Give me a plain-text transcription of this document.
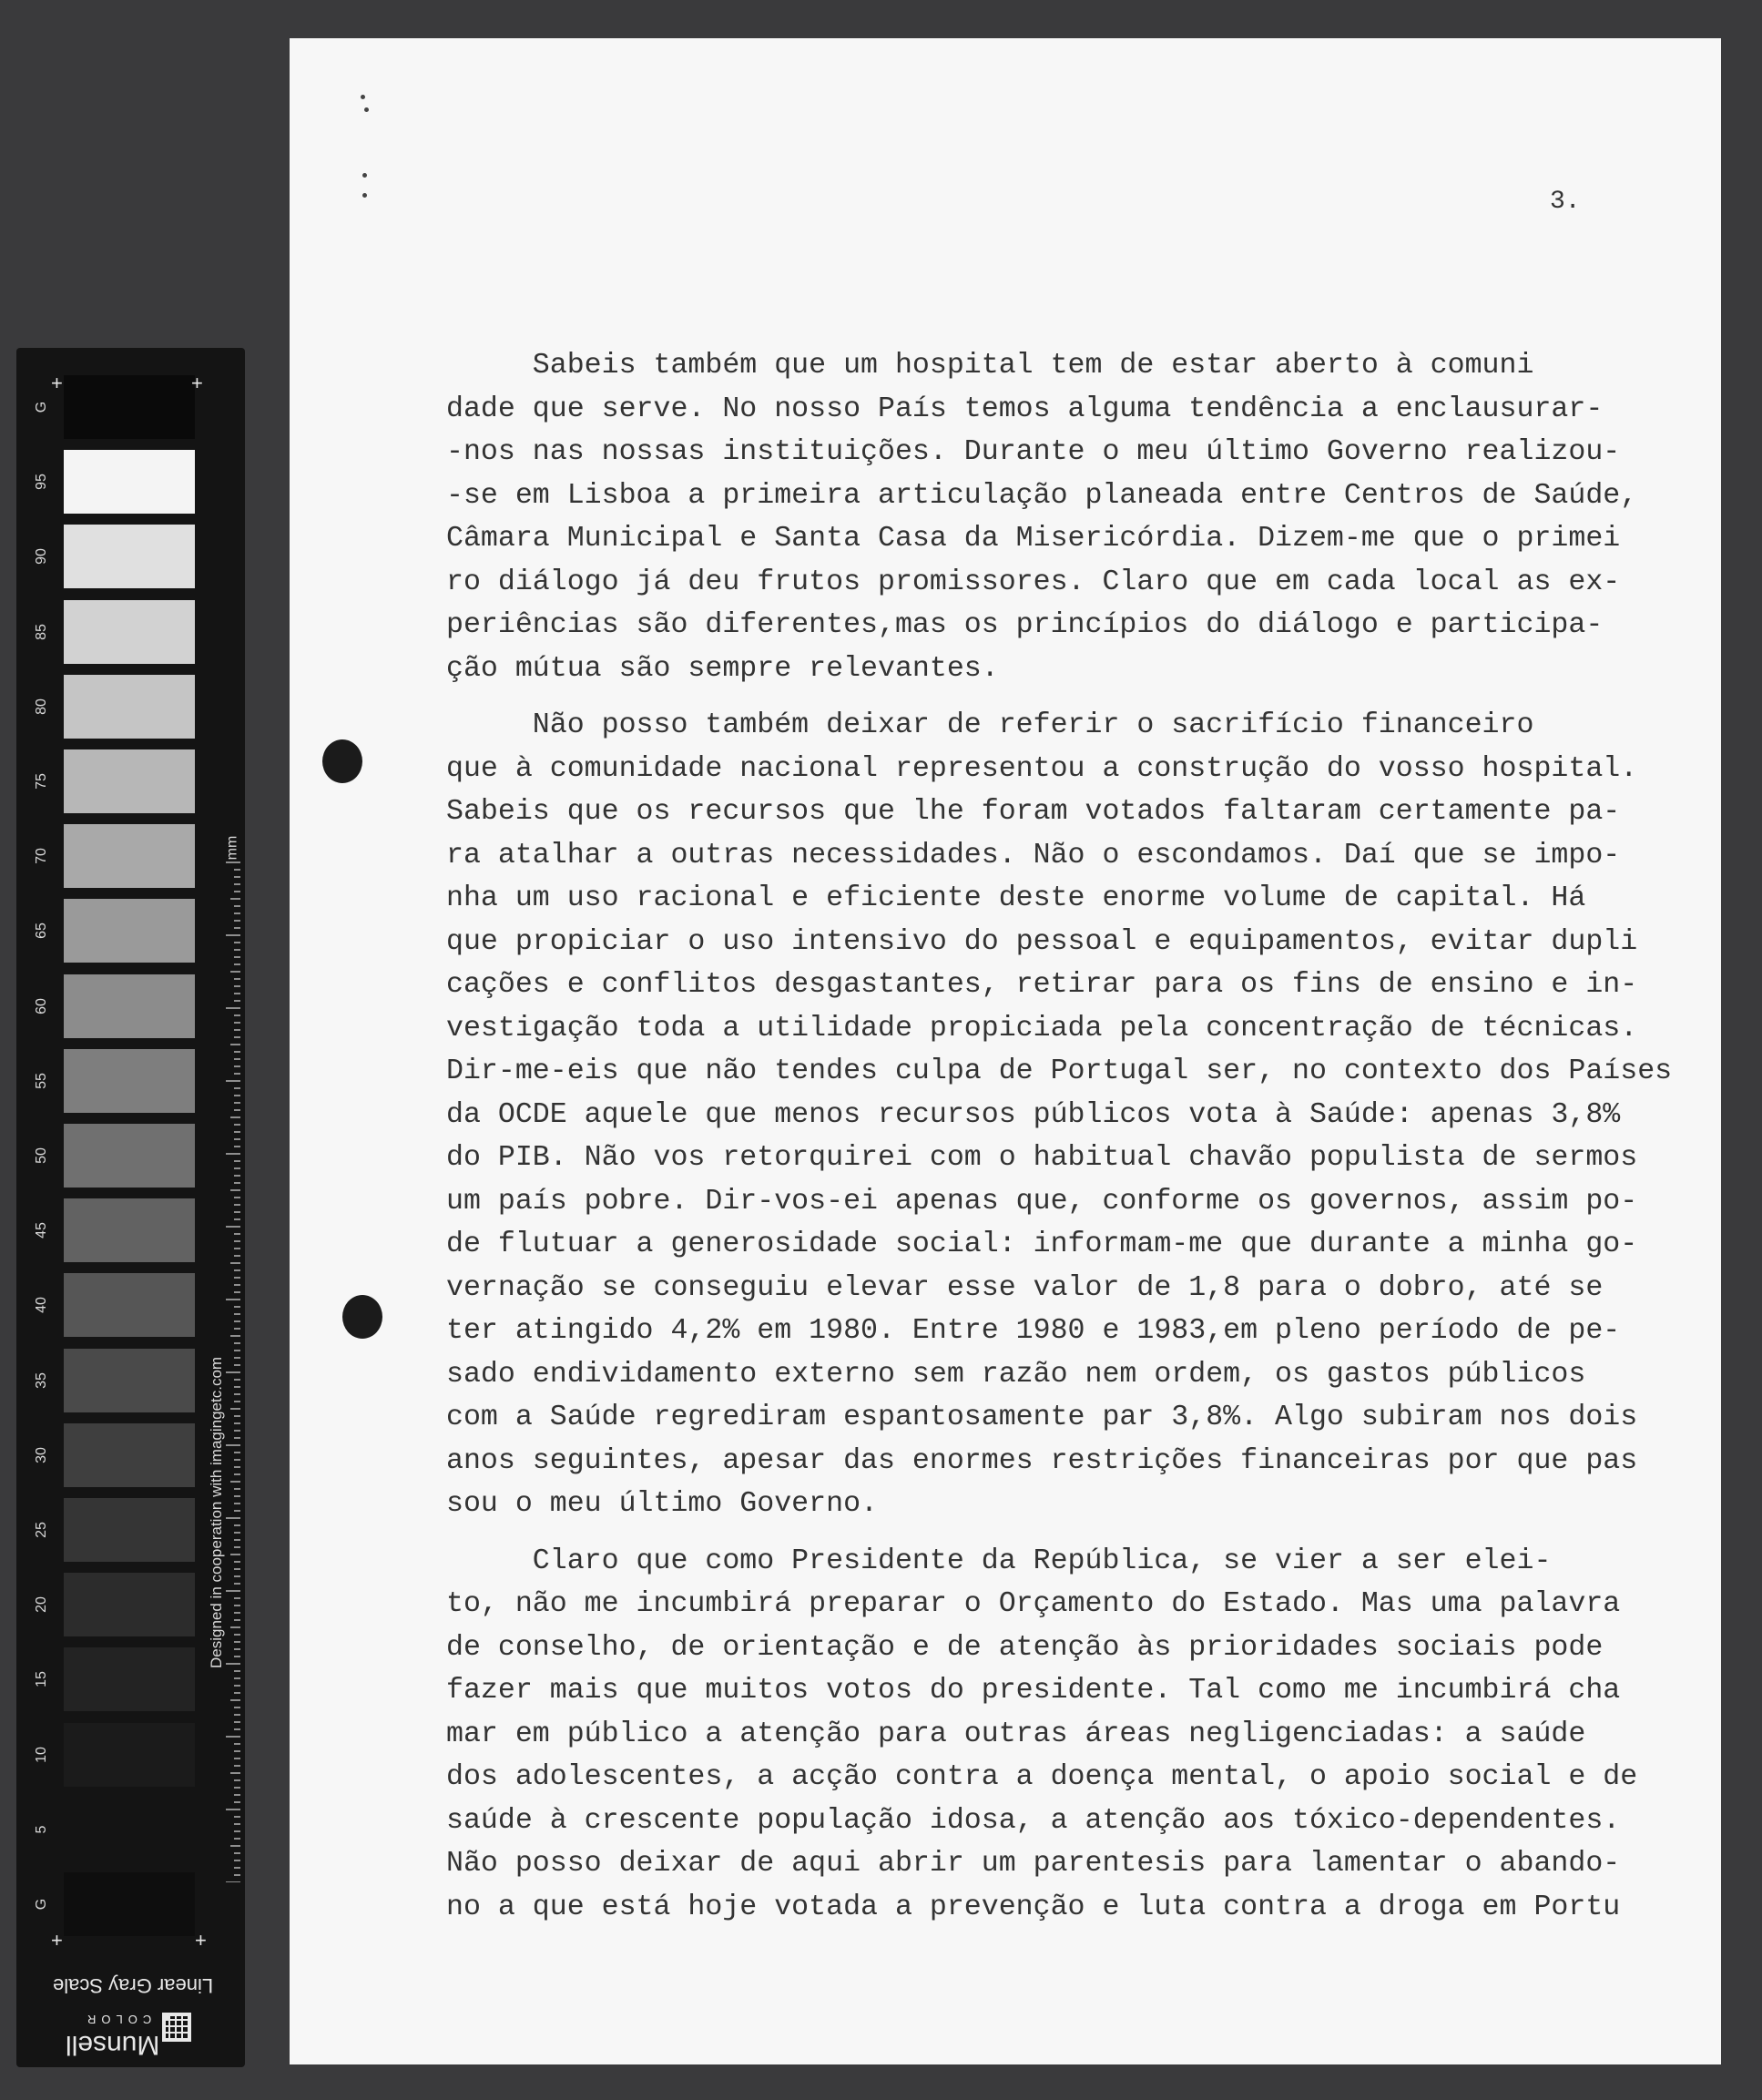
G
95
90
85
80
75
70
65
60
55
50
45
40
35
30
25
20
15
10
5
G
+	+
+	+
Designed in cooperation with imagingetc.com
mm
Linear Gray Scale
COLOR
Munsell
3.
Sabeis também que um hospital tem de estar aberto à comuni
dade que serve. No nosso País temos alguma tendência a enclausurar-
-nos nas nossas instituições. Durante o meu último Governo realizou-
-se em Lisboa a primeira articulação planeada entre Centros de Saúde,
Câmara Municipal e Santa Casa da Misericórdia. Dizem-me que o primei
ro diálogo já deu frutos promissores. Claro que em cada local as ex-
periências são diferentes,mas os princípios do diálogo e participa-
ção mútua são sempre relevantes.
Não posso também deixar de referir o sacrifício financeiro
que à comunidade nacional representou a construção do vosso hospital.
Sabeis que os recursos que lhe foram votados faltaram certamente pa-
ra atalhar a outras necessidades. Não o escondamos. Daí que se impo-
nha um uso racional e eficiente deste enorme volume de capital. Há
que propiciar o uso intensivo do pessoal e equipamentos, evitar dupli
cações e conflitos desgastantes, retirar para os fins de ensino e in-
vestigação toda a utilidade propiciada pela concentração de técnicas.
Dir-me-eis que não tendes culpa de Portugal ser, no contexto dos Países
da OCDE aquele que menos recursos públicos vota à Saúde: apenas 3,8%
do PIB. Não vos retorquirei com o habitual chavão populista de sermos
um país pobre. Dir-vos-ei apenas que, conforme os governos, assim po-
de flutuar a generosidade social: informam-me que durante a minha go-
vernação se conseguiu elevar esse valor de 1,8 para o dobro, até se
ter atingido 4,2% em 1980. Entre 1980 e 1983,em pleno período de pe-
sado endividamento externo sem razão nem ordem, os gastos públicos
com a Saúde regrediram espantosamente par 3,8%. Algo subiram nos dois
anos seguintes, apesar das enormes restrições financeiras por que pas
sou o meu último Governo.
Claro que como Presidente da República, se vier a ser elei-
to, não me incumbirá preparar o Orçamento do Estado. Mas uma palavra
de conselho, de orientação e de atenção às prioridades sociais pode
fazer mais que muitos votos do presidente. Tal como me incumbirá cha
mar em público a atenção para outras áreas negligenciadas: a saúde
dos adolescentes, a acção contra a doença mental, o apoio social e de
saúde à crescente população idosa, a atenção aos tóxico-dependentes.
Não posso deixar de aqui abrir um parentesis para lamentar o abando-
no a que está hoje votada a prevenção e luta contra a droga em Portu
